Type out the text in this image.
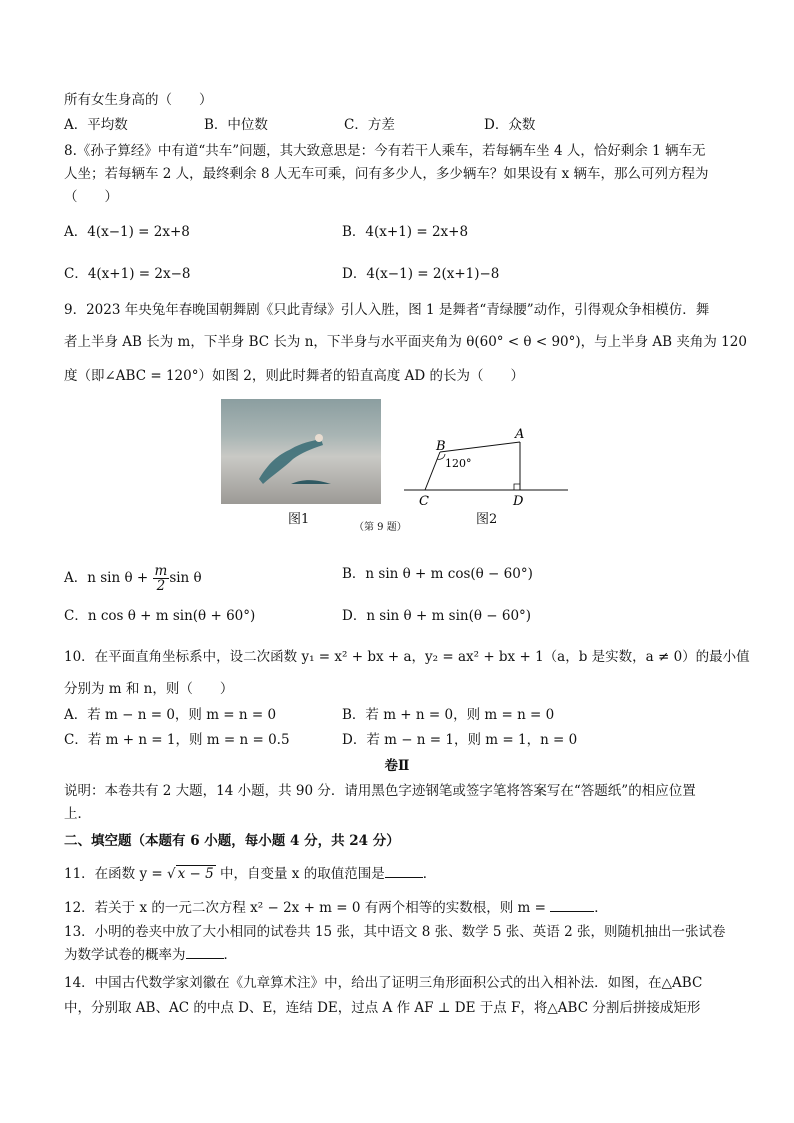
所有女生身高的（　　）
A．平均数	B．中位数	C．方差	D．众数
8.《孙子算经》中有道“共车”问题，其大致意思是：今有若干人乘车，若每辆车坐 4 人，恰好剩余 1 辆车无
人坐；若每辆车 2 人，最终剩余 8 人无车可乘，问有多少人，多少辆车？如果设有 x 辆车，那么可列方程为
（　　）
A．4(x−1) = 2x+8	B．4(x+1) = 2x+8
C．4(x+1) = 2x−8	D．4(x−1) = 2(x+1)−8
9．2023 年央兔年春晚国朝舞剧《只此青绿》引人入胜，图 1 是舞者“青绿腰”动作，引得观众争相模仿．舞
者上半身 AB 长为 m，下半身 BC 长为 n，下半身与水平面夹角为 θ(60° < θ < 90°)，与上半身 AB 夹角为 120
度（即∠ABC = 120°）如图 2，则此时舞者的铅直高度 AD 的长为（　　）
图1
（第 9 题）
图2
B
A
C	D
120°
A．n $\sin \theta + \frac{m}{2}$ sin θ	B．n sin θ + m cos(θ − 60°)
C．n cos θ + m sin(θ + 60°)	D．n sin θ + m sin(θ − 60°)
10．在平面直角坐标系中，设二次函数 y₁ = x² + bx + a，y₂ = ax² + bx + 1（a，b 是实数，a ≠ 0）的最小值
分别为 m 和 n，则（　　）
A．若 m − n = 0，则 m = n = 0	B．若 m + n = 0，则 m = n = 0
C．若 m + n = 1，则 m = n = 0.5	D．若 m − n = 1，则 m = 1，n = 0
卷Ⅱ
说明：本卷共有 2 大题，14 小题，共 90 分．请用黑色字迹钢笔或签字笔将答案写在“答题纸”的相应位置
上．
二、填空题（本题有 6 小题，每小题 4 分，共 24 分）
11．在函数 y = √ x − 5 中，自变量 x 的取值范围是	．
12．若关于 x 的一元二次方程 x² − 2x + m = 0 有两个相等的实数根，则 m =	．
13．小明的卷夹中放了大小相同的试卷共 15 张，其中语文 8 张、数学 5 张、英语 2 张，则随机抽出一张试卷
为数学试卷的概率为	．
14．中国古代数学家刘徽在《九章算术注》中，给出了证明三角形面积公式的出入相补法．如图，在△ABC
中，分别取 AB、AC 的中点 D、E，连结 DE，过点 A 作 AF ⊥ DE 于点 F，将△ABC 分割后拼接成矩形
